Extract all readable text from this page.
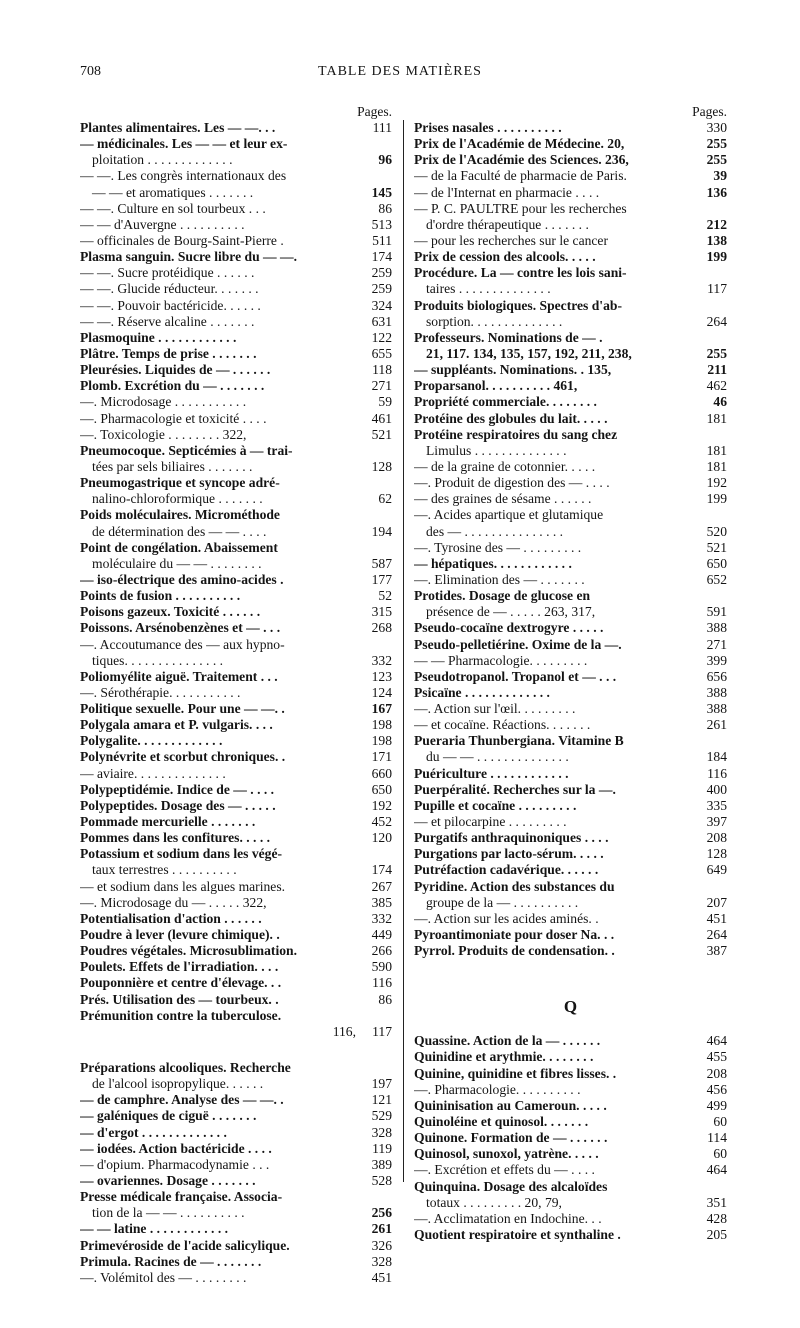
708	TABLE DES MATIÈRES
Pages.
Plantes alimentaires. Les — —. . .	111
— médicinales. Les — — et leur ex-
ploitation . . . . . . . . . . . . .	96
— —. Les congrès internationaux des
— — et aromatiques . . . . . . .	145
— —. Culture en sol tourbeux . . .	86
— — d'Auvergne . . . . . . . . . .	513
— officinales de Bourg-Saint-Pierre .	511
Plasma sanguin. Sucre libre du — —.	174
— —. Sucre protéidique . . . . . .	259
— —. Glucide réducteur. . . . . . .	259
— —. Pouvoir bactéricide. . . . . .	324
— —. Réserve alcaline . . . . . . .	631
Plasmoquine . . . . . . . . . . . .	122
Plâtre. Temps de prise . . . . . . .	655
Pleurésies. Liquides de — . . . . . .	118
Plomb. Excrétion du — . . . . . . .	271
—. Microdosage . . . . . . . . . . .	59
—. Pharmacologie et toxicité . . . .	461
—. Toxicologie . . . . . . . . 322,	521
Pneumocoque. Septicémies à — trai-
tées par sels biliaires . . . . . . .	128
Pneumogastrique et syncope adré-
nalino-chloroformique . . . . . . .	62
Poids moléculaires. Microméthode
de détermination des — — . . . .	194
Point de congélation. Abaissement
moléculaire du — — . . . . . . . .	587
— iso-électrique des amino-acides .	177
Points de fusion . . . . . . . . . .	52
Poisons gazeux. Toxicité . . . . . .	315
Poissons. Arsénobenzènes et — . . .	268
—. Accoutumance des — aux hypno-
tiques. . . . . . . . . . . . . . .	332
Poliomyélite aiguë. Traitement . . .	123
—. Sérothérapie. . . . . . . . . . .	124
Politique sexuelle. Pour une — —. .	167
Polygala amara et P. vulgaris. . . .	198
Polygalite. . . . . . . . . . . . .	198
Polynévrite et scorbut chroniques. .	171
— aviaire. . . . . . . . . . . . . .	660
Polypeptidémie. Indice de — . . . .	650
Polypeptides. Dosage des — . . . . .	192
Pommade mercurielle . . . . . . .	452
Pommes dans les confitures. . . . .	120
Potassium et sodium dans les végé-
taux terrestres . . . . . . . . . .	174
— et sodium dans les algues marines.	267
—. Microdosage du — . . . . . 322,	385
Potentialisation d'action . . . . . .	332
Poudre à lever (levure chimique). .	449
Poudres végétales. Microsublimation.	266
Poulets. Effets de l'irradiation. . . .	590
Pouponnière et centre d'élevage. . .	116
Prés. Utilisation des — tourbeux. .	86
Prémunition contre la tuberculose.
116, 117
Préparations alcooliques. Recherche
de l'alcool isopropylique. . . . . .	197
— de camphre. Analyse des — —. .	121
— galéniques de ciguë . . . . . . .	529
— d'ergot . . . . . . . . . . . . .	328
— iodées. Action bactéricide . . . .	119
— d'opium. Pharmacodynamie . . .	389
— ovariennes. Dosage . . . . . . .	528
Presse médicale française. Associa-
tion de la — — . . . . . . . . . .	256
— — latine . . . . . . . . . . . .	261
Primevéroside de l'acide salicylique.	326
Primula. Racines de — . . . . . . .	328
—. Volémitol des — . . . . . . . .	451
Pages.
Prises nasales . . . . . . . . . .	330
Prix de l'Académie de Médecine. 20,	255
Prix de l'Académie des Sciences. 236,	255
— de la Faculté de pharmacie de Paris.	39
— de l'Internat en pharmacie . . . .	136
— P. C. PAULTRE pour les recherches
d'ordre thérapeutique . . . . . . .	212
— pour les recherches sur le cancer	138
Prix de cession des alcools. . . . .	199
Procédure. La — contre les lois sani-
taires . . . . . . . . . . . . . .	117
Produits biologiques. Spectres d'ab-
sorption. . . . . . . . . . . . . .	264
Professeurs. Nominations de — .
21, 117. 134, 135, 157, 192, 211, 238,	255
— suppléants. Nominations. . 135,	211
Proparsanol. . . . . . . . . . 461,	462
Propriété commerciale. . . . . . . .	46
Protéine des globules du lait. . . . .	181
Protéine respiratoires du sang chez
Limulus . . . . . . . . . . . . . .	181
— de la graine de cotonnier. . . . .	181
—. Produit de digestion des — . . . .	192
— des graines de sésame . . . . . .	199
—. Acides apartique et glutamique
des — . . . . . . . . . . . . . . .	520
—. Tyrosine des — . . . . . . . . .	521
— hépatiques. . . . . . . . . . . .	650
—. Elimination des — . . . . . . .	652
Protides. Dosage de glucose en
présence de — . . . . . 263, 317,	591
Pseudo-cocaïne dextrogyre . . . . .	388
Pseudo-pelletiérine. Oxime de la —.	271
— — Pharmacologie. . . . . . . . .	399
Pseudotropanol. Tropanol et — . . .	656
Psicaïne . . . . . . . . . . . . .	388
—. Action sur l'œil. . . . . . . . .	388
— et cocaïne. Réactions. . . . . . .	261
Pueraria Thunbergiana. Vitamine B
du — — . . . . . . . . . . . . . .	184
Puériculture . . . . . . . . . . . .	116
Puerpéralité. Recherches sur la —.	400
Pupille et cocaïne . . . . . . . . .	335
— et pilocarpine . . . . . . . . .	397
Purgatifs anthraquinoniques . . . .	208
Purgations par lacto-sérum. . . . .	128
Putréfaction cadavérique. . . . . .	649
Pyridine. Action des substances du
groupe de la — . . . . . . . . . .	207
—. Action sur les acides aminés. .	451
Pyroantimoniate pour doser Na. . .	264
Pyrrol. Produits de condensation. .	387
Q
Quassine. Action de la — . . . . . .	464
Quinidine et arythmie. . . . . . . .	455
Quinine, quinidine et fibres lisses. .	208
—. Pharmacologie. . . . . . . . . .	456
Quininisation au Cameroun. . . . .	499
Quinoléine et quinosol. . . . . . .	60
Quinone. Formation de — . . . . . .	114
Quinosol, sunoxol, yatrène. . . . .	60
—. Excrétion et effets du — . . . .	464
Quinquina. Dosage des alcaloïdes
totaux . . . . . . . . . 20, 79,	351
—. Acclimatation en Indochine. . .	428
Quotient respiratoire et synthaline .	205
